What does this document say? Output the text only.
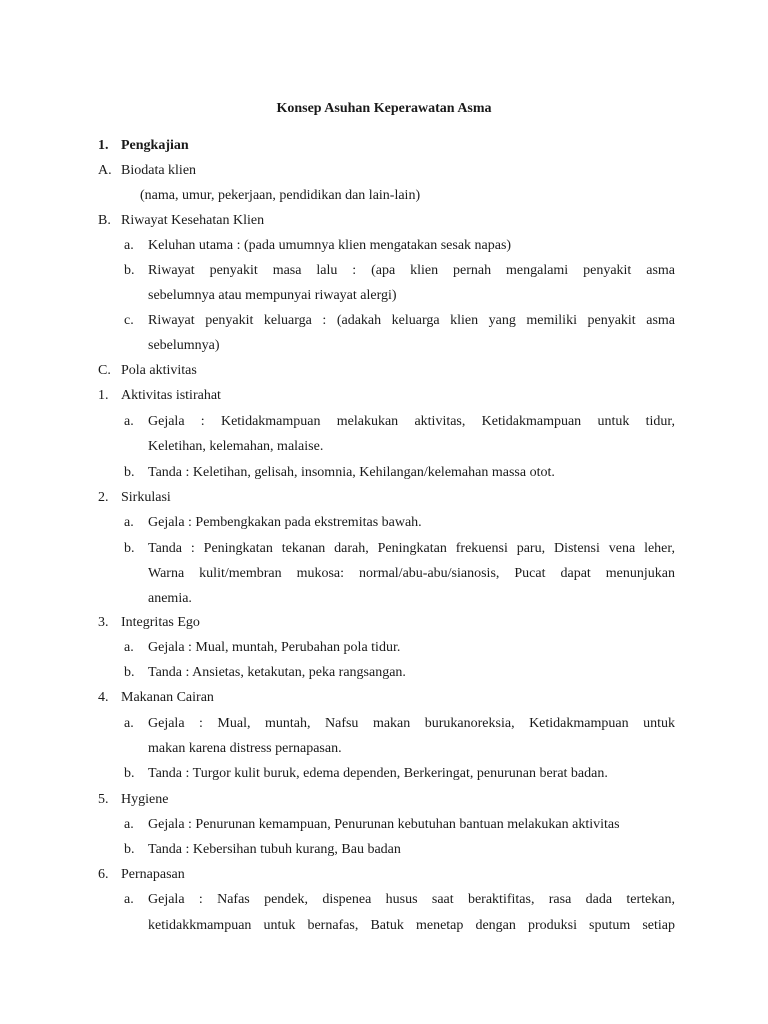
Konsep Asuhan Keperawatan Asma
1. Pengkajian
A. Biodata klien
(nama, umur, pekerjaan, pendidikan dan lain-lain)
B. Riwayat Kesehatan Klien
a. Keluhan utama : (pada umumnya klien mengatakan sesak napas)
b. Riwayat penyakit masa lalu : (apa klien pernah mengalami penyakit asma
sebelumnya atau mempunyai riwayat alergi)
c. Riwayat penyakit keluarga : (adakah keluarga klien yang memiliki penyakit asma
sebelumnya)
C. Pola aktivitas
1. Aktivitas istirahat
a. Gejala : Ketidakmampuan melakukan aktivitas, Ketidakmampuan untuk tidur,
Keletihan, kelemahan, malaise.
b. Tanda : Keletihan, gelisah, insomnia, Kehilangan/kelemahan massa otot.
2. Sirkulasi
a. Gejala : Pembengkakan pada ekstremitas bawah.
b. Tanda : Peningkatan tekanan darah, Peningkatan frekuensi paru, Distensi vena leher,
Warna kulit/membran mukosa: normal/abu-abu/sianosis, Pucat dapat menunjukan
anemia.
3. Integritas Ego
a. Gejala : Mual, muntah, Perubahan pola tidur.
b. Tanda : Ansietas, ketakutan, peka rangsangan.
4. Makanan Cairan
a. Gejala : Mual, muntah, Nafsu makan burukanoreksia, Ketidakmampuan untuk
makan karena distress pernapasan.
b. Tanda : Turgor kulit buruk, edema dependen, Berkeringat, penurunan berat badan.
5. Hygiene
a. Gejala : Penurunan kemampuan, Penurunan kebutuhan bantuan melakukan aktivitas
b. Tanda : Kebersihan tubuh kurang, Bau badan
6. Pernapasan
a. Gejala : Nafas pendek, dispenea husus saat beraktifitas, rasa dada tertekan,
ketidakkmampuan untuk bernafas, Batuk menetap dengan produksi sputum setiap
